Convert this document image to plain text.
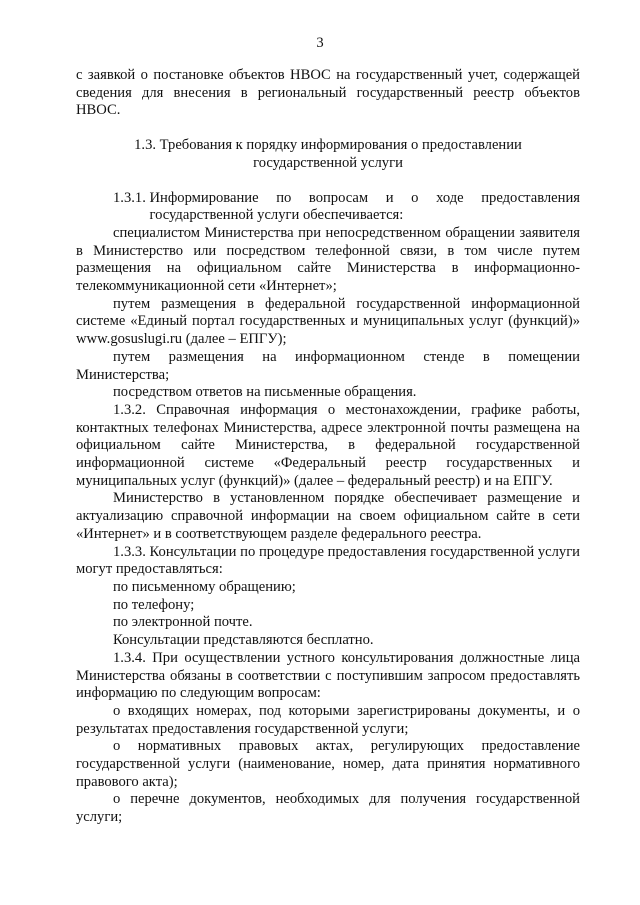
3

с заявкой о постановке объектов НВОС на государственный учет, содержащей сведения для внесения в региональный государственный реестр объектов НВОС.

1.3. Требования к порядку информирования о предоставлении

государственной услуги

1.3.1. Информирование по вопросам и о ходе предоставления государственной услуги обеспечивается:

специалистом Министерства при непосредственном обращении заявителя в Министерство или посредством телефонной связи, в том числе путем размещения на официальном сайте Министерства в информационно-телекоммуникационной сети «Интернет»;

путем размещения в федеральной государственной информационной системе «Единый портал государственных и муниципальных услуг (функций)» www.gosuslugi.ru (далее – ЕПГУ);

путем размещения на информационном стенде в помещении Министерства;

посредством ответов на письменные обращения.

1.3.2. Справочная информация о местонахождении, графике работы, контактных телефонах Министерства, адресе электронной почты размещена на официальном сайте Министерства, в федеральной государственной информационной системе «Федеральный реестр государственных и муниципальных услуг (функций)» (далее – федеральный реестр) и на ЕПГУ.

Министерство в установленном порядке обеспечивает размещение и актуализацию справочной информации на своем официальном сайте в сети «Интернет» и в соответствующем разделе федерального реестра.

1.3.3. Консультации по процедуре предоставления государственной услуги могут предоставляться:

по письменному обращению;

по телефону;

по электронной почте.

Консультации представляются бесплатно.

1.3.4. При осуществлении устного консультирования должностные лица Министерства обязаны в соответствии с поступившим запросом предоставлять информацию по следующим вопросам:

о входящих номерах, под которыми зарегистрированы документы, и о результатах предоставления государственной услуги;

о нормативных правовых актах, регулирующих предоставление государственной услуги (наименование, номер, дата принятия нормативного правового акта);

о перечне документов, необходимых для получения государственной услуги;
